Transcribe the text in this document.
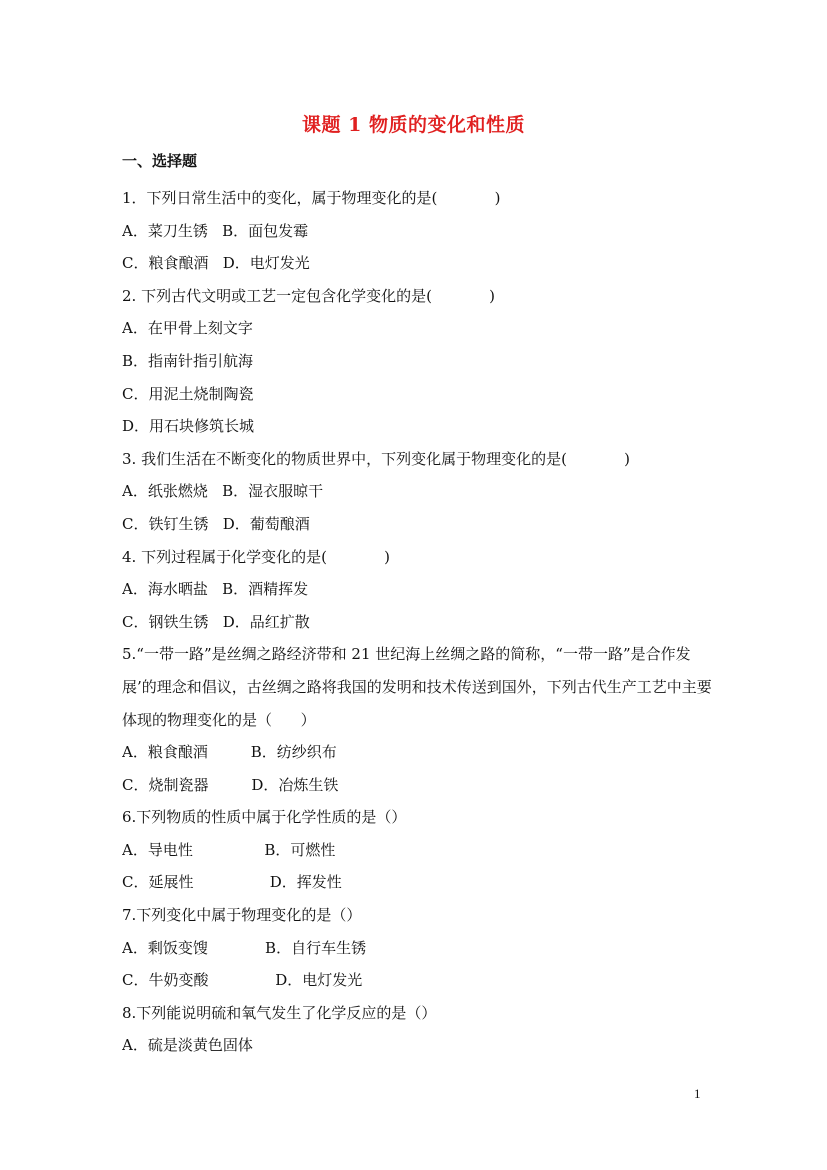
课题 1 物质的变化和性质
一、选择题
1．下列日常生活中的变化，属于物理变化的是(            )
A．菜刀生锈   B．面包发霉
C．粮食酿酒   D．电灯发光
2. 下列古代文明或工艺一定包含化学变化的是(            )
A．在甲骨上刻文字
B．指南针指引航海
C．用泥土烧制陶瓷
D．用石块修筑长城
3. 我们生活在不断变化的物质世界中，下列变化属于物理变化的是(            )
A．纸张燃烧   B．湿衣服晾干
C．铁钉生锈   D．葡萄酿酒
4. 下列过程属于化学变化的是(            )
A．海水晒盐   B．酒精挥发
C．钢铁生锈   D．品红扩散
5.“一带一路”是丝绸之路经济带和 21 世纪海上丝绸之路的简称，“一带一路”是合作发
展’的理念和倡议，古丝绸之路将我国的发明和技术传送到国外，下列古代生产工艺中主要
体现的物理变化的是（      ）
A．粮食酿酒         B．纺纱织布
C．烧制瓷器         D．冶炼生铁
6.下列物质的性质中属于化学性质的是（）
A．导电性               B．可燃性
C．延展性                D．挥发性
7.下列变化中属于物理变化的是（）
A．剩饭变馊            B．自行车生锈
C．牛奶变酸              D．电灯发光
8.下列能说明硫和氧气发生了化学反应的是（）
A．硫是淡黄色固体
1
